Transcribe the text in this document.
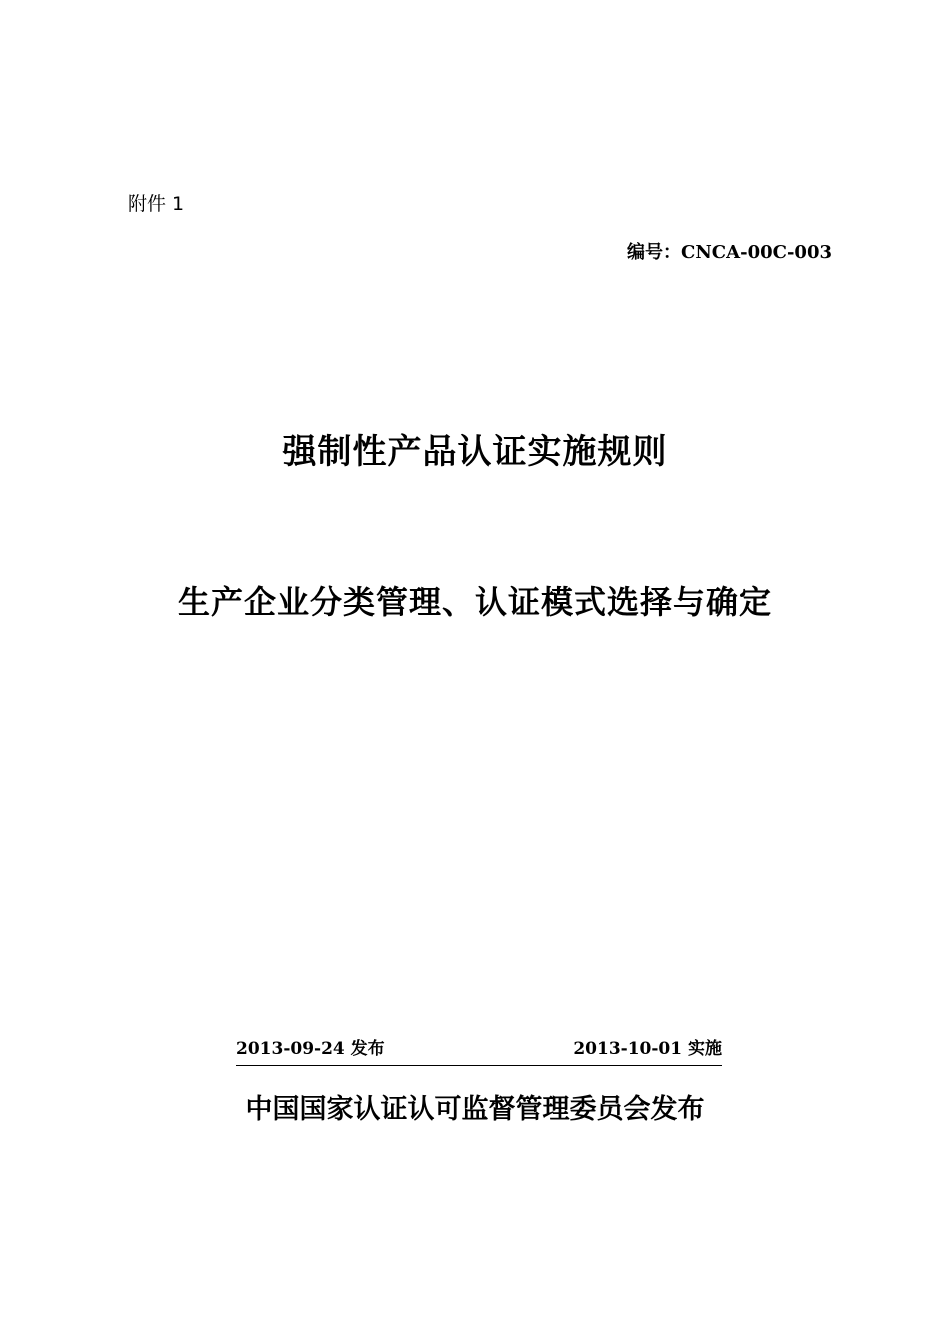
附件 1
编号：CNCA-00C-003
强制性产品认证实施规则
生产企业分类管理、认证模式选择与确定
2013-09-24 发布	2013-10-01 实施
中国国家认证认可监督管理委员会发布
